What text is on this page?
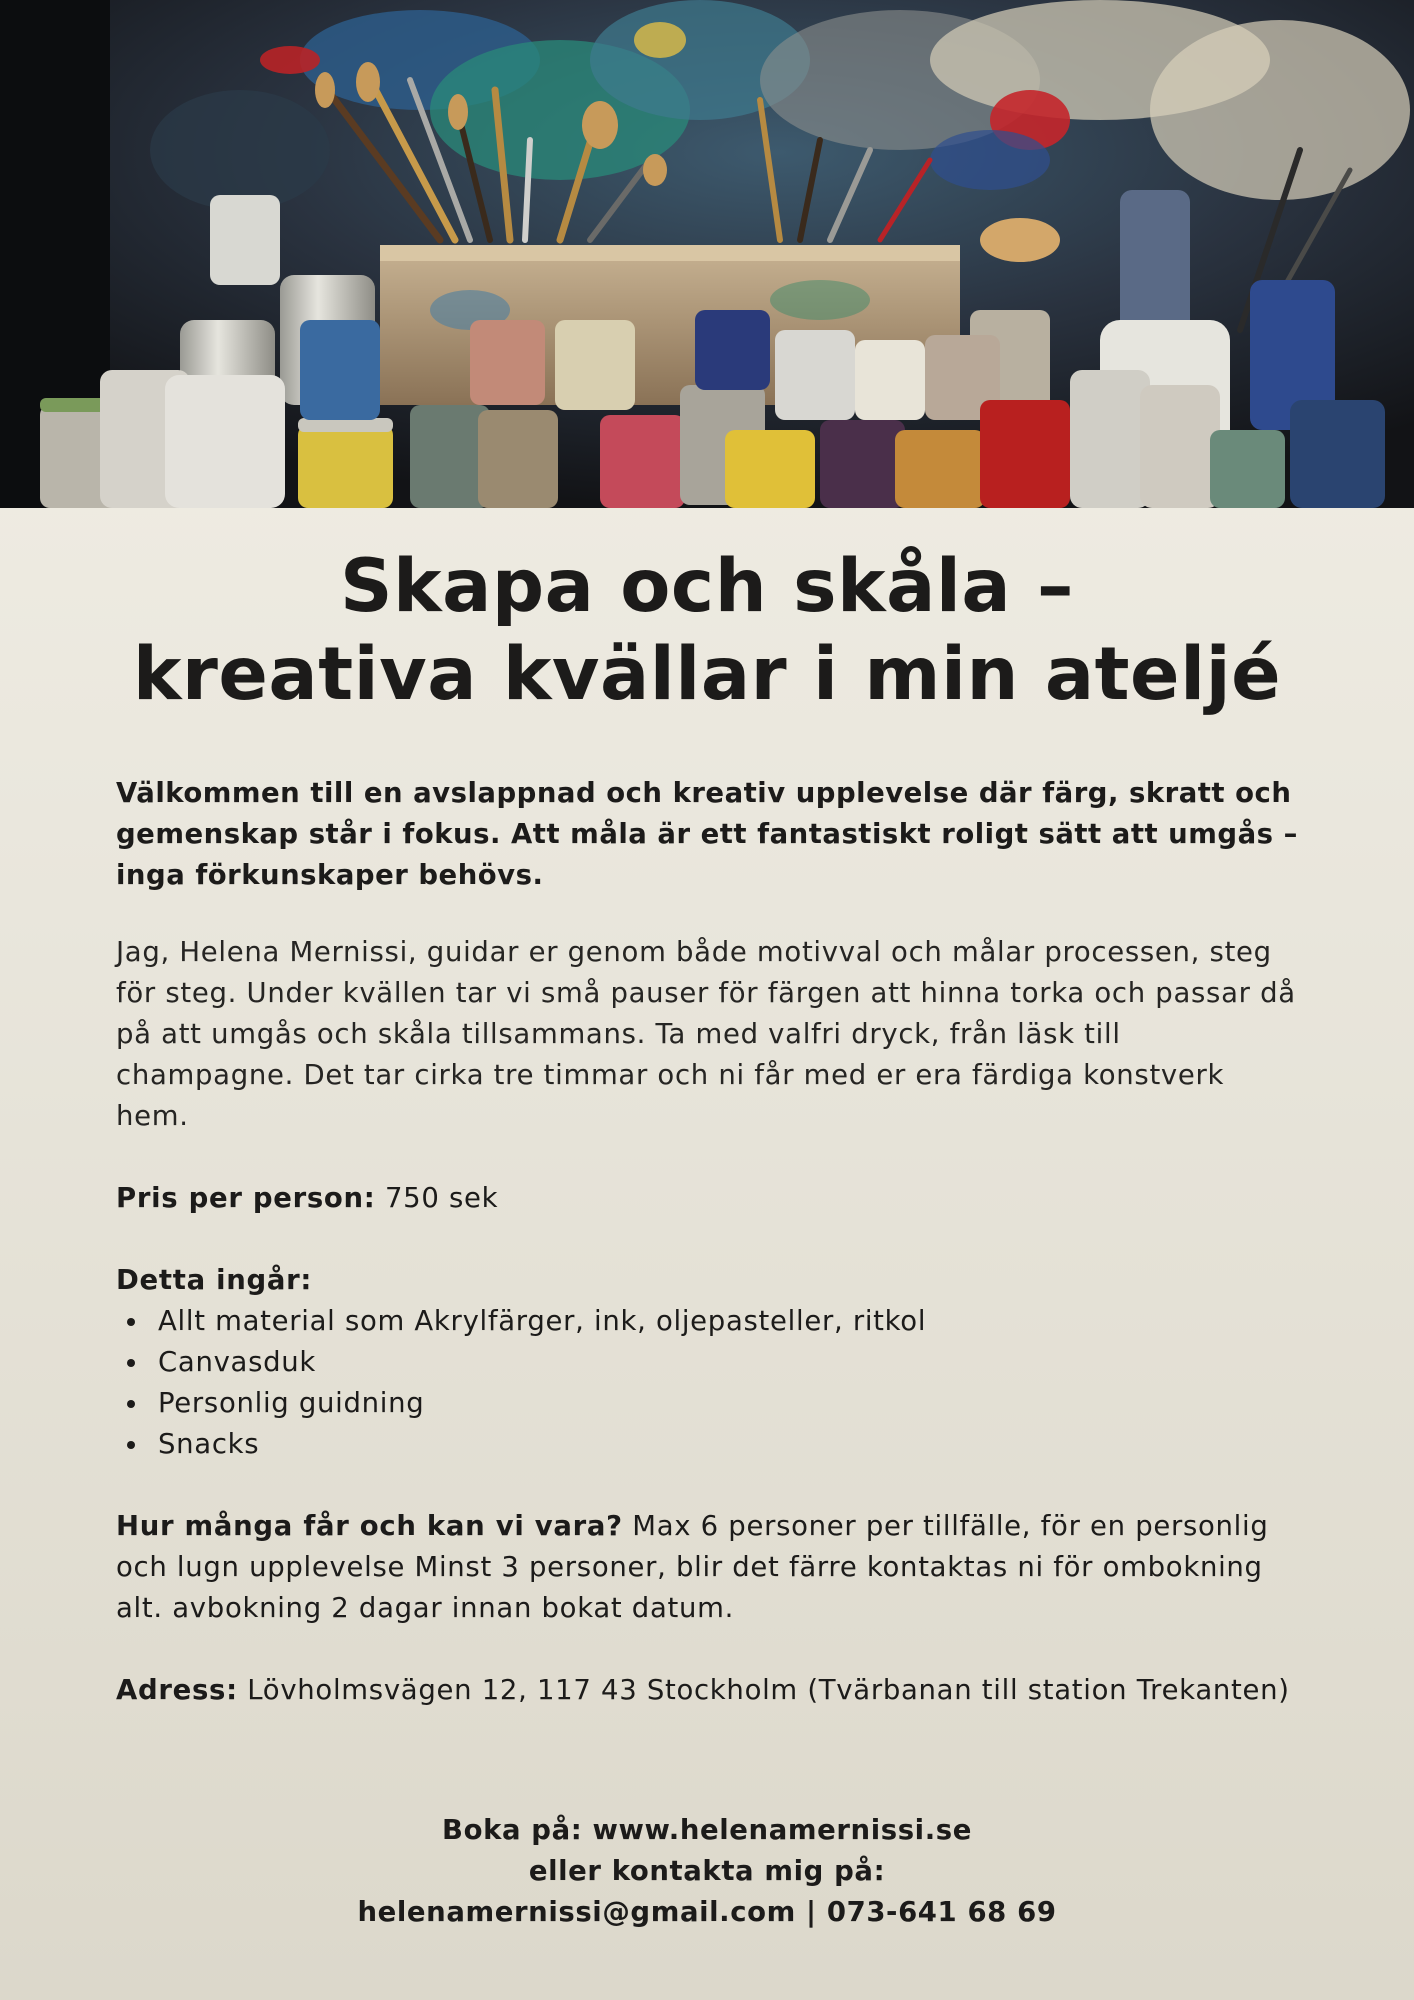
Skapa och skåla –
kreativa kvällar i min ateljé
Välkommen till en avslappnad och kreativ upplevelse där färg, skratt och gemenskap står i fokus. Att måla är ett fantastiskt roligt sätt att umgås – inga förkunskaper behövs.
Jag, Helena Mernissi, guidar er genom både motivval och målar processen, steg för steg. Under kvällen tar vi små pauser för färgen att hinna torka och passar då på att umgås och skåla tillsammans. Ta med valfri dryck, från läsk till champagne. Det tar cirka tre timmar och ni får med er era färdiga konstverk hem.
Pris per person: 750 sek
Detta ingår:
• Allt material som Akrylfärger, ink, oljepasteller, ritkol
• Canvasduk
• Personlig guidning
• Snacks
Hur många får och kan vi vara? Max 6 personer per tillfälle, för en personlig och lugn upplevelse Minst 3 personer, blir det färre kontaktas ni för ombokning alt. avbokning 2 dagar innan bokat datum.
Adress: Lövholmsvägen 12, 117 43 Stockholm (Tvärbanan till station Trekanten)
Boka på: www.helenamernissi.se
eller kontakta mig på:
helenamernissi@gmail.com | 073-641 68 69
